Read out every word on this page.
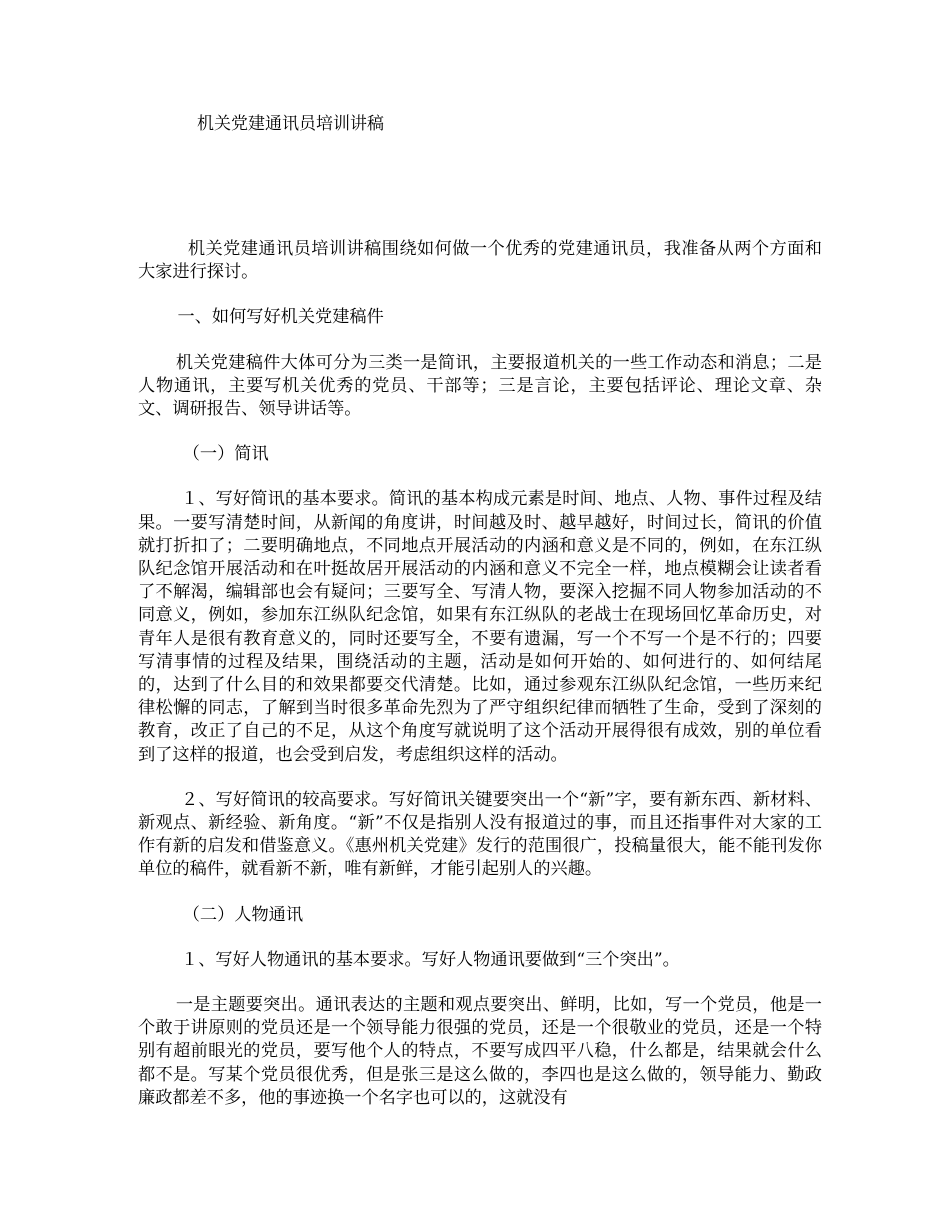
机关党建通讯员培训讲稿

机关党建通讯员培训讲稿围绕如何做一个优秀的党建通讯员，我准备从两个方面和大家进行探讨。

一、如何写好机关党建稿件

机关党建稿件大体可分为三类一是简讯，主要报道机关的一些工作动态和消息；二是人物通讯，主要写机关优秀的党员、干部等；三是言论，主要包括评论、理论文章、杂文、调研报告、领导讲话等。

（一）简讯

１、写好简讯的基本要求。简讯的基本构成元素是时间、地点、人物、事件过程及结果。一要写清楚时间，从新闻的角度讲，时间越及时、越早越好，时间过长，简讯的价值就打折扣了；二要明确地点，不同地点开展活动的内涵和意义是不同的，例如，在东江纵队纪念馆开展活动和在叶挺故居开展活动的内涵和意义不完全一样，地点模糊会让读者看了不解渴，编辑部也会有疑问；三要写全、写清人物，要深入挖掘不同人物参加活动的不同意义，例如，参加东江纵队纪念馆，如果有东江纵队的老战士在现场回忆革命历史，对青年人是很有教育意义的，同时还要写全，不要有遗漏，写一个不写一个是不行的；四要写清事情的过程及结果，围绕活动的主题，活动是如何开始的、如何进行的、如何结尾的，达到了什么目的和效果都要交代清楚。比如，通过参观东江纵队纪念馆，一些历来纪律松懈的同志，了解到当时很多革命先烈为了严守组织纪律而牺牲了生命，受到了深刻的教育，改正了自己的不足，从这个角度写就说明了这个活动开展得很有成效，别的单位看到了这样的报道，也会受到启发，考虑组织这样的活动。

２、写好简讯的较高要求。写好简讯关键要突出一个“新”字，要有新东西、新材料、新观点、新经验、新角度。“新”不仅是指别人没有报道过的事，而且还指事件对大家的工作有新的启发和借鉴意义。《惠州机关党建》发行的范围很广，投稿量很大，能不能刊发你单位的稿件，就看新不新，唯有新鲜，才能引起别人的兴趣。

（二）人物通讯

１、写好人物通讯的基本要求。写好人物通讯要做到“三个突出”。

一是主题要突出。通讯表达的主题和观点要突出、鲜明，比如，写一个党员，他是一个敢于讲原则的党员还是一个领导能力很强的党员，还是一个很敬业的党员，还是一个特别有超前眼光的党员，要写他个人的特点，不要写成四平八稳，什么都是，结果就会什么都不是。写某个党员很优秀，但是张三是这么做的，李四也是这么做的，领导能力、勤政廉政都差不多，他的事迹换一个名字也可以的，这就没有
